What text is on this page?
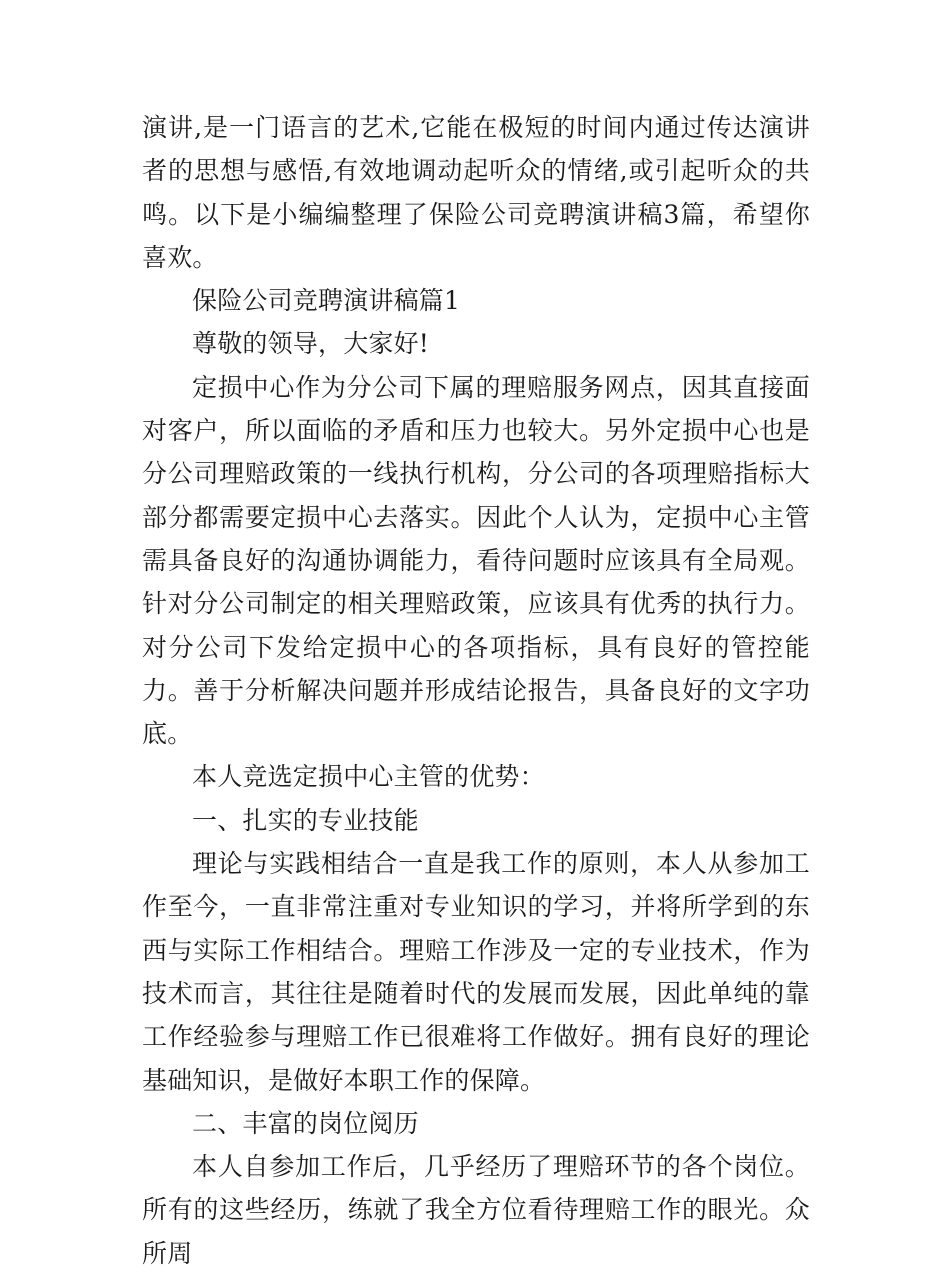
演讲,是一门语言的艺术,它能在极短的时间内通过传达演讲者的思想与感悟,有效地调动起听众的情绪,或引起听众的共鸣。以下是小编编整理了保险公司竞聘演讲稿3篇，希望你喜欢。

保险公司竞聘演讲稿篇1

尊敬的领导，大家好!

定损中心作为分公司下属的理赔服务网点，因其直接面对客户，所以面临的矛盾和压力也较大。另外定损中心也是分公司理赔政策的一线执行机构，分公司的各项理赔指标大部分都需要定损中心去落实。因此个人认为，定损中心主管需具备良好的沟通协调能力，看待问题时应该具有全局观。针对分公司制定的相关理赔政策，应该具有优秀的执行力。对分公司下发给定损中心的各项指标，具有良好的管控能力。善于分析解决问题并形成结论报告，具备良好的文字功底。

本人竞选定损中心主管的优势：

一、扎实的专业技能

理论与实践相结合一直是我工作的原则，本人从参加工作至今，一直非常注重对专业知识的学习，并将所学到的东西与实际工作相结合。理赔工作涉及一定的专业技术，作为技术而言，其往往是随着时代的发展而发展，因此单纯的靠工作经验参与理赔工作已很难将工作做好。拥有良好的理论基础知识，是做好本职工作的保障。

二、丰富的岗位阅历

本人自参加工作后，几乎经历了理赔环节的各个岗位。所有的这些经历，练就了我全方位看待理赔工作的眼光。众所周
